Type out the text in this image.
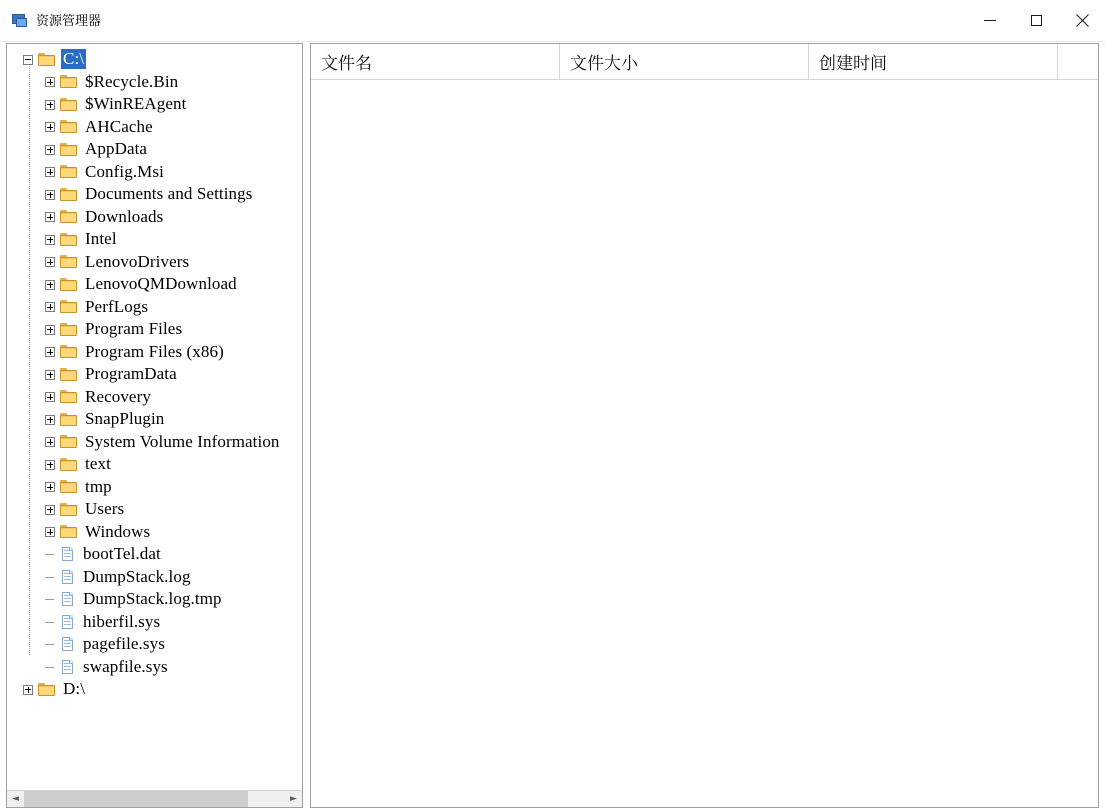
资源管理器
C:\
$Recycle.Bin
$WinREAgent
AHCache
AppData
Config.Msi
Documents and Settings
Downloads
Intel
LenovoDrivers
LenovoQMDownload
PerfLogs
Program Files
Program Files (x86)
ProgramData
Recovery
SnapPlugin
System Volume Information
text
tmp
Users
Windows
bootTel.dat
DumpStack.log
DumpStack.log.tmp
hiberfil.sys
pagefile.sys
swapfile.sys
D:\
◄	►
文件名	文件大小	创建时间
